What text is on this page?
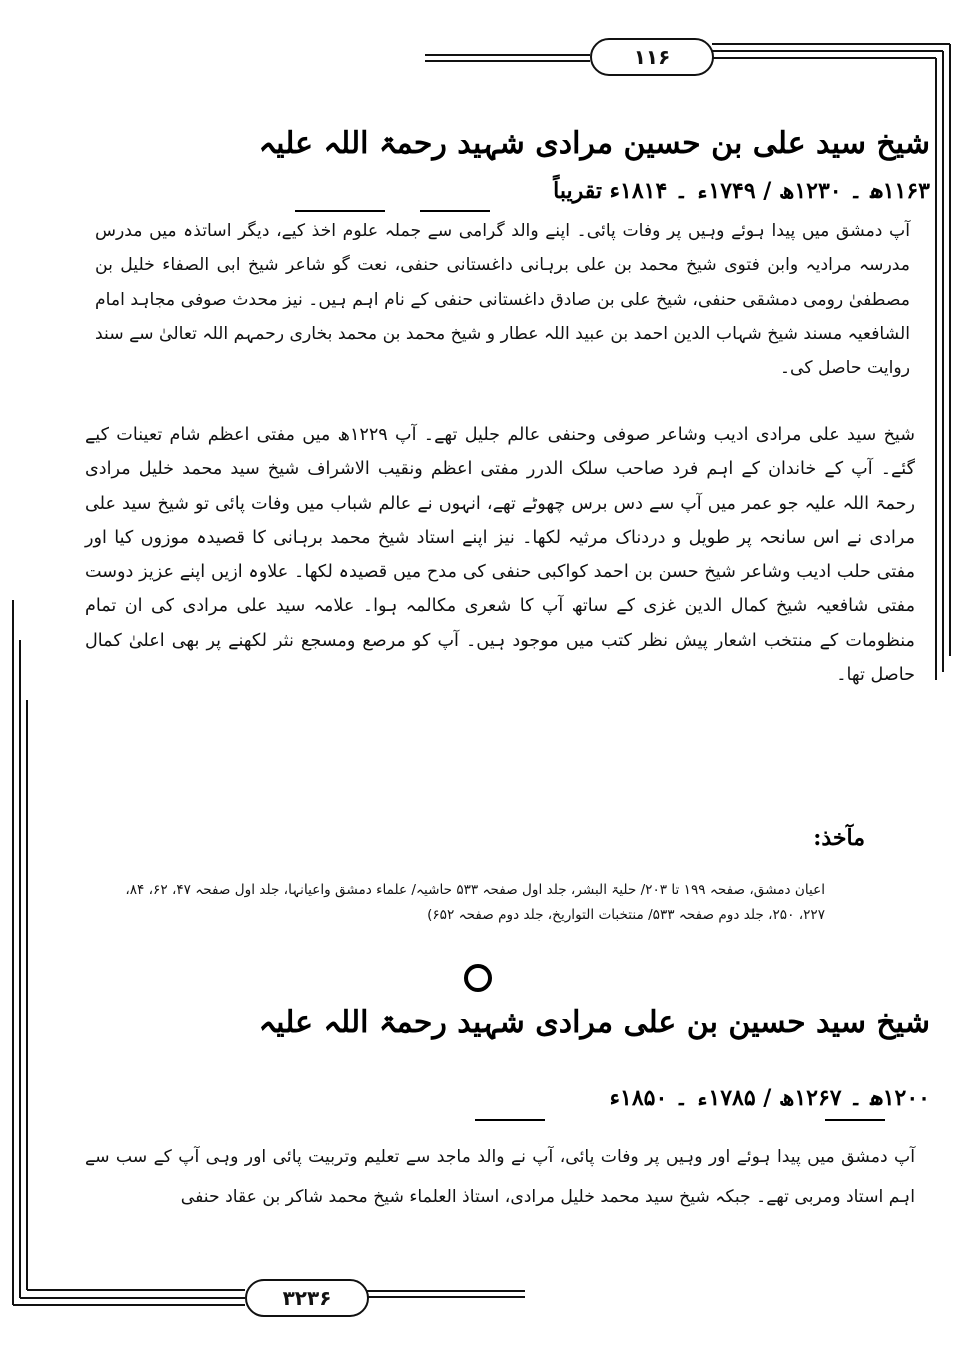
۱۱۶
شیخ سید علی بن حسین مرادی شہید رحمۃ اللہ علیہ
۱۱۶۳ھ ۔ ۱۲۳۰ھ / ۱۷۴۹ء ۔ ۱۸۱۴ء تقریباً
آپ دمشق میں پیدا ہوئے وہیں پر وفات پائی۔ اپنے والد گرامی سے جملہ علوم اخذ کیے، دیگر اساتذہ میں مدرس مدرسہ مرادیہ وابن فتوی شیخ محمد بن علی برہانی داغستانی حنفی، نعت گو شاعر شیخ ابی الصفاء خلیل بن مصطفیٰ رومی دمشقی حنفی، شیخ علی بن صادق داغستانی حنفی کے نام اہم ہیں۔ نیز محدث صوفی مجاہد امام الشافعیہ مسند شیخ شہاب الدین احمد بن عبید اللہ عطار و شیخ محمد بن محمد بخاری رحمہم اللہ تعالیٰ سے سند روایت حاصل کی۔
شیخ سید علی مرادی ادیب وشاعر صوفی وحنفی عالم جلیل تھے۔ آپ ۱۲۲۹ھ میں مفتی اعظم شام تعینات کیے گئے۔ آپ کے خاندان کے اہم فرد صاحب سلک الدرر مفتی اعظم ونقیب الاشراف شیخ سید محمد خلیل مرادی رحمۃ اللہ علیہ جو عمر میں آپ سے دس برس چھوٹے تھے، انہوں نے عالم شباب میں وفات پائی تو شیخ سید علی مرادی نے اس سانحہ پر طویل و دردناک مرثیہ لکھا۔ نیز اپنے استاد شیخ محمد برہانی کا قصیدہ موزوں کیا اور مفتی حلب ادیب وشاعر شیخ حسن بن احمد کواکبی حنفی کی مدح میں قصیدہ لکھا۔ علاوہ ازیں اپنے عزیز دوست مفتی شافعیہ شیخ کمال الدین غزی کے ساتھ آپ کا شعری مکالمہ ہوا۔ علامہ سید علی مرادی کی ان تمام منظومات کے منتخب اشعار پیش نظر کتب میں موجود ہیں۔ آپ کو مرصع ومسجع نثر لکھنے پر بھی اعلیٰ کمال حاصل تھا۔
مآخذ:
اعیان دمشق، صفحہ ۱۹۹ تا ۲۰۳/ حلیۃ البشر، جلد اول صفحہ ۵۳۳ حاشیہ/ علماء دمشق واعیانہا، جلد اول صفحہ ۴۷، ۶۲، ۸۴، ۲۲۷، ۲۵۰، جلد دوم صفحہ ۵۳۳/ منتخبات التواریخ، جلد دوم صفحہ ۶۵۲)
شیخ سید حسین بن علی مرادی شہید رحمۃ اللہ علیہ
۱۲۰۰ھ ۔ ۱۲۶۷ھ / ۱۷۸۵ء ۔ ۱۸۵۰ء
آپ دمشق میں پیدا ہوئے اور وہیں پر وفات پائی، آپ نے والد ماجد سے تعلیم وتربیت پائی اور وہی آپ کے سب سے اہم استاد ومربی تھے۔ جبکہ شیخ سید محمد خلیل مرادی، استاذ العلماء شیخ محمد شاکر بن عقاد حنفی
۳۲۳۶
